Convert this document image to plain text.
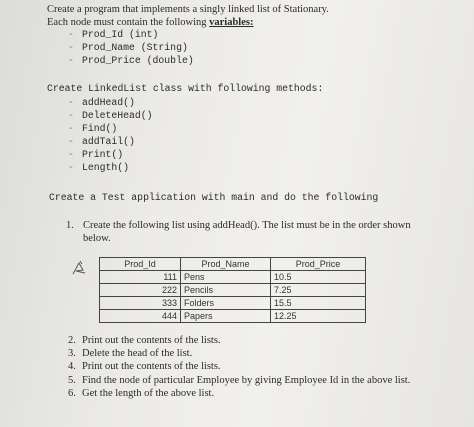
Create a program that implements a singly linked list of Stationary.
Each node must contain the following variables:
- Prod_Id (int)
- Prod_Name (String)
- Prod_Price (double)
Create LinkedList class with following methods:
- addHead()
- DeleteHead()
- Find()
- addTail()
- Print()
- Length()
Create a Test application with main and do the following
1. Create the following list using addHead(). The list must be in the order shown
below.
Prod_Id	Prod_Name	Prod_Price
111	Pens	10.5
222	Pencils	7.25
333	Folders	15.5
444	Papers	12.25
2. Print out the contents of the lists.
3. Delete the head of the list.
4. Print out the contents of the lists.
5. Find the node of particular Employee by giving Employee Id in the above list.
6. Get the length of the above list.
